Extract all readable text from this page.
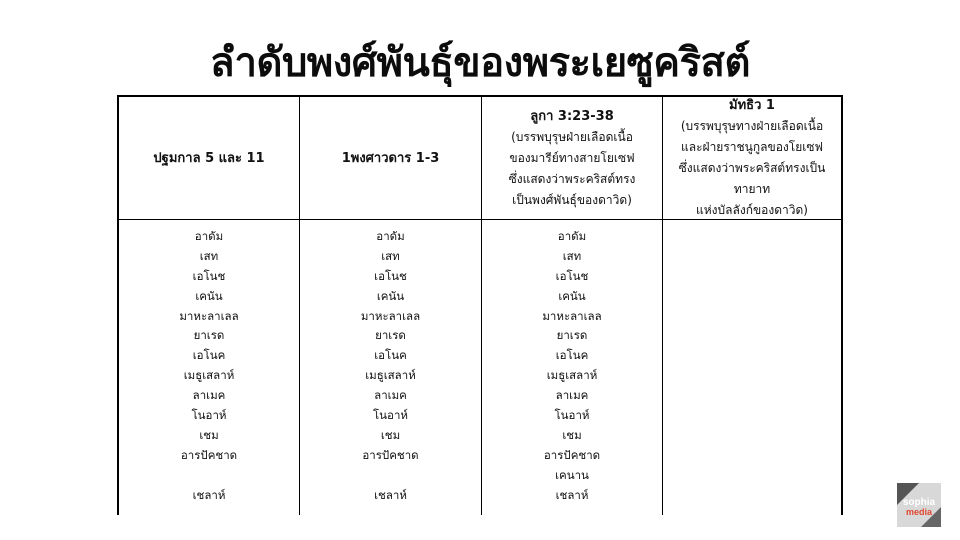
ลำดับพงศ์พันธุ์ของพระเยซูคริสต์
ปฐมกาล 5 และ 11	1พงศาวดาร 1-3
ลูกา 3:23-38
(บรรพบุรุษฝ่ายเลือดเนื้อ
ของมารีย์ทางสายโยเซฟ
ซึ่งแสดงว่าพระคริสต์ทรง
เป็นพงศ์พันธุ์ของดาวิด)
มัทธิว 1
(บรรพบุรุษทางฝ่ายเลือดเนื้อ
และฝ่ายราชนูกูลของโยเซฟ
ซึ่งแสดงว่าพระคริสต์ทรงเป็นทายาท
แห่งบัลลังก์ของดาวิด)
อาดัม
เสท
เอโนช
เคนัน
มาหะลาเลล
ยาเรด
เอโนค
เมธูเสลาห์
ลาเมค
โนอาห์
เชม
อารปัคชาด
เชลาห์
อาดัม
เสท
เอโนช
เคนัน
มาหะลาเลล
ยาเรด
เอโนค
เมธูเสลาห์
ลาเมค
โนอาห์
เชม
อารปัคชาด
เชลาห์
อาดัม
เสท
เอโนช
เคนัน
มาหะลาเลล
ยาเรด
เอโนค
เมธูเสลาห์
ลาเมค
โนอาห์
เชม
อารปัคชาด
เคนาน
เชลาห์
sophia
media
